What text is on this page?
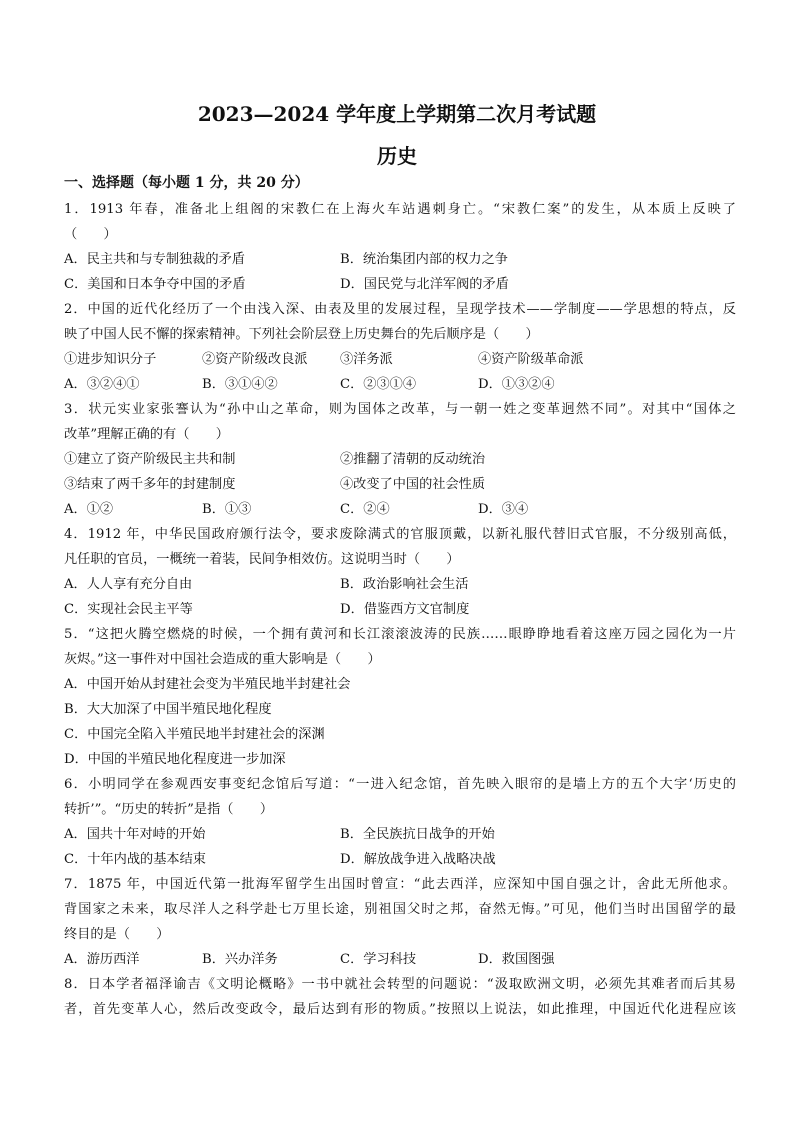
2023—2024 学年度上学期第二次月考试题
历史
一、选择题（每小题 1 分，共 20 分）
1．1913 年春，准备北上组阁的宋教仁在上海火车站遇刺身亡。“宋教仁案”的发生，从本质上反映了
（　　）
A．民主共和与专制独裁的矛盾	B．统治集团内部的权力之争
C．美国和日本争夺中国的矛盾	D．国民党与北洋军阀的矛盾
2．中国的近代化经历了一个由浅入深、由表及里的发展过程，呈现学技术——学制度——学思想的特点，反
映了中国人民不懈的探索精神。下列社会阶层登上历史舞台的先后顺序是（　　）
①进步知识分子	②资产阶级改良派	③洋务派	④资产阶级革命派
A．③②④①	B．③①④②	C．②③①④	D．①③②④
3．状元实业家张謇认为“孙中山之革命，则为国体之改革，与一朝一姓之变革迥然不同”。对其中“国体之
改革”理解正确的有（　　）
①建立了资产阶级民主共和制	②推翻了清朝的反动统治
③结束了两千多年的封建制度	④改变了中国的社会性质
A．①②	B．①③	C．②④	D．③④
4．1912 年，中华民国政府颁行法令，要求废除满式的官服顶戴，以新礼服代替旧式官服，不分级别高低，
凡任职的官员，一概统一着装，民间争相效仿。这说明当时（　　）
A．人人享有充分自由	B．政治影响社会生活
C．实现社会民主平等	D．借鉴西方文官制度
5．“这把火腾空燃烧的时候，一个拥有黄河和长江滚滚波涛的民族……眼睁睁地看着这座万园之园化为一片
灰烬。”这一事件对中国社会造成的重大影响是（　　）
A．中国开始从封建社会变为半殖民地半封建社会
B．大大加深了中国半殖民地化程度
C．中国完全陷入半殖民地半封建社会的深渊
D．中国的半殖民地化程度进一步加深
6．小明同学在参观西安事变纪念馆后写道：“一进入纪念馆，首先映入眼帘的是墙上方的五个大字‘历史的
转折’”。“历史的转折”是指（　　）
A．国共十年对峙的开始	B．全民族抗日战争的开始
C．十年内战的基本结束	D．解放战争进入战略决战
7．1875 年，中国近代第一批海军留学生出国时曾宣：“此去西洋，应深知中国自强之计，舍此无所他求。
背国家之未来，取尽洋人之科学赴七万里长途，别祖国父时之邦，奋然无悔。”可见，他们当时出国留学的最
终目的是（　　）
A．游历西洋	B．兴办洋务	C．学习科技	D．救国图强
8．日本学者福泽谕吉《文明论概略》一书中就社会转型的问题说：“汲取欧洲文明，必须先其难者而后其易
者，首先变革人心，然后改变政令，最后达到有形的物质。”按照以上说法，如此推理，中国近代化进程应该
